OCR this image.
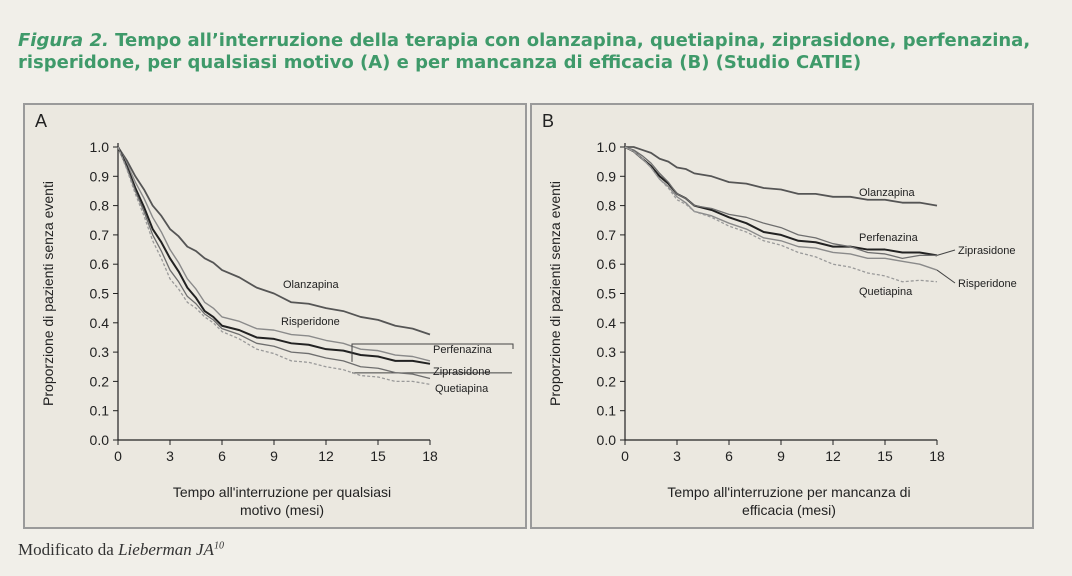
Figura 2. Tempo all’interruzione della terapia con olanzapina, quetiapina, ziprasidone, perfenazina, risperidone, per qualsiasi motivo (A) e per mancanza di efficacia (B) (Studio CATIE)
A
0.0
0.1
0.2
0.3
0.4
0.5
0.6
0.7
0.8
0.9
1.0
0	3	6	9	12	15	18
Proporzione di pazienti senza eventi
Tempo all'interruzione per qualsiasi
motivo (mesi)
Olanzapina
Risperidone
Perfenazina
Ziprasidone
Quetiapina
B
0.0
0.1
0.2
0.3
0.4
0.5
0.6
0.7
0.8
0.9
1.0
0	3	6	9	12	15	18
Proporzione di pazienti senza eventi
Tempo all'interruzione per mancanza di
efficacia (mesi)
Olanzapina
Perfenazina
Ziprasidone
Risperidone
Quetiapina
Modificato da Lieberman JA$^{10}$
